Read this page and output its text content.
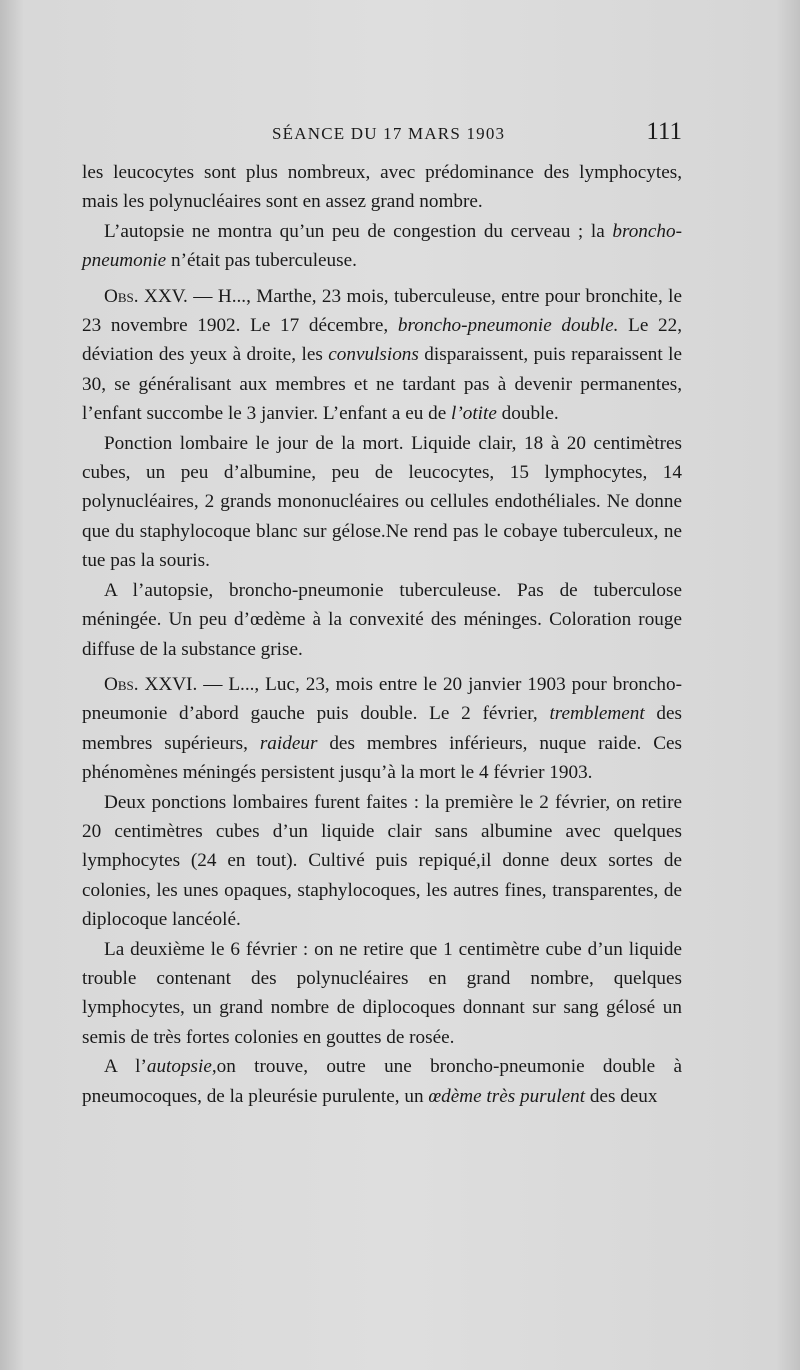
SÉANCE DU 17 MARS 1903	111

les leucocytes sont plus nombreux, avec prédominance des lymphocytes, mais les polynucléaires sont en assez grand nombre.

L’autopsie ne montra qu’un peu de congestion du cerveau ; la broncho-pneumonie n’était pas tuberculeuse.

Obs. XXV. — H..., Marthe, 23 mois, tuberculeuse, entre pour bronchite, le 23 novembre 1902. Le 17 décembre, broncho-pneumonie double. Le 22, déviation des yeux à droite, les convulsions disparaissent, puis reparaissent le 30, se généralisant aux membres et ne tardant pas à devenir permanentes, l’enfant succombe le 3 janvier. L’enfant a eu de l’otite double.

Ponction lombaire le jour de la mort. Liquide clair, 18 à 20 centimètres cubes, un peu d’albumine, peu de leucocytes, 15 lymphocytes, 14 polynucléaires, 2 grands mononucléaires ou cellules endothéliales. Ne donne que du staphylocoque blanc sur gélose.Ne rend pas le cobaye tuberculeux, ne tue pas la souris.

A l’autopsie, broncho-pneumonie tuberculeuse. Pas de tuberculose méningée. Un peu d’œdème à la convexité des méninges. Coloration rouge diffuse de la substance grise.

Obs. XXVI. — L..., Luc, 23, mois entre le 20 janvier 1903 pour broncho-pneumonie d’abord gauche puis double. Le 2 février, tremblement des membres supérieurs, raideur des membres inférieurs, nuque raide. Ces phénomènes méningés persistent jusqu’à la mort le 4 février 1903.

Deux ponctions lombaires furent faites : la première le 2 février, on retire 20 centimètres cubes d’un liquide clair sans albumine avec quelques lymphocytes (24 en tout). Cultivé puis repiqué,il donne deux sortes de colonies, les unes opaques, staphylocoques, les autres fines, transparentes, de diplocoque lancéolé.

La deuxième le 6 février : on ne retire que 1 centimètre cube d’un liquide trouble contenant des polynucléaires en grand nombre, quelques lymphocytes, un grand nombre de diplocoques donnant sur sang gélosé un semis de très fortes colonies en gouttes de rosée.

A l’autopsie,on trouve, outre une broncho-pneumonie double à pneumocoques, de la pleurésie purulente, un œdème très purulent des deux
